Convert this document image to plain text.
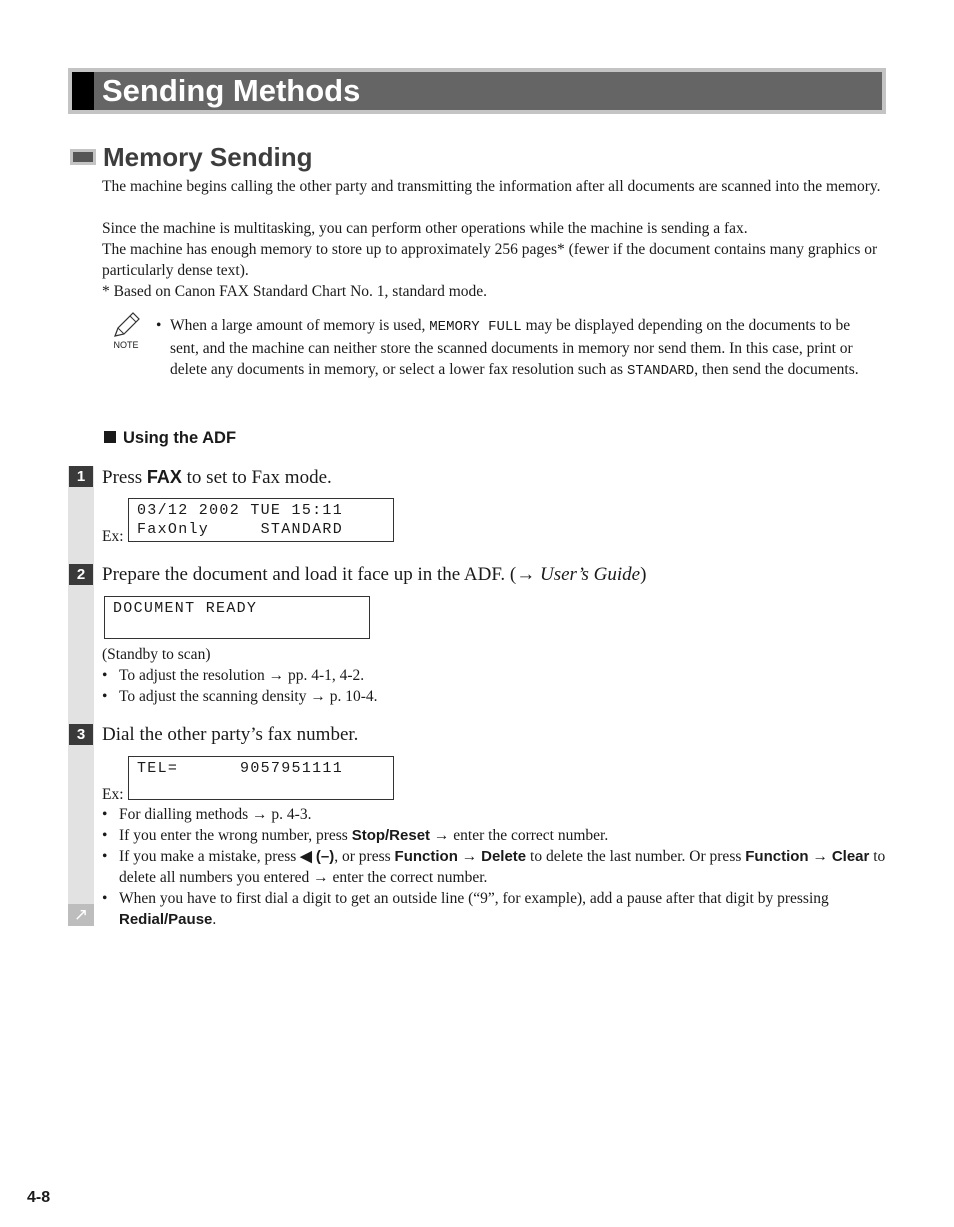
Sending Methods
Memory Sending

The machine begins calling the other party and transmitting the information after all documents are scanned into the memory.

Since the machine is multitasking, you can perform other operations while the machine is sending a fax.

The machine has enough memory to store up to approximately 256 pages* (fewer if the document contains many graphics or particularly dense text).

* Based on Canon FAX Standard Chart No. 1, standard mode.

NOTE
• When a large amount of memory is used, MEMORY FULL may be displayed depending on the documents to be sent, and the machine can neither store the scanned documents in memory nor send them. In this case, print or delete any documents in memory, or select a lower fax resolution such as STANDARD, then send the documents.

Using the ADF
1 Press FAX to set to Fax mode.

03/12 2002 TUE 15:11
FaxOnly     STANDARD
Ex:
2 Prepare the document and load it face up in the ADF. (→ User’s Guide)

DOCUMENT READY
(Standby to scan)
• To adjust the resolution → pp. 4-1, 4-2.
• To adjust the scanning density → p. 10-4.
3 Dial the other party’s fax number.

TEL=      9057951111
Ex:
• For dialling methods → p. 4-3.
• If you enter the wrong number, press Stop/Reset → enter the correct number.
• If you make a mistake, press ◀ (–), or press Function → Delete to delete the last number. Or press Function → Clear to delete all numbers you entered → enter the correct number.
• When you have to first dial a digit to get an outside line (“9”, for example), add a pause after that digit by pressing Redial/Pause.
↗
4-8
